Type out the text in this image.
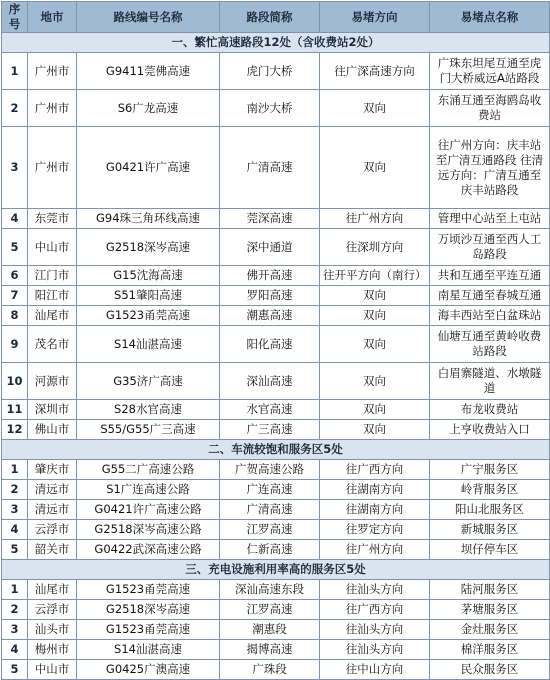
序号	地市	路线编号名称	路段简称	易堵方向	易堵点名称
一、繁忙高速路段12处（含收费站2处）					
1	广州市	G9411莞佛高速	虎门大桥	往广深高速方向	广珠东坦尾互通至虎门大桥威远A站路段
2	广州市	S6广龙高速	南沙大桥	双向	东涌互通至海鸥岛收费站
3	广州市	G0421许广高速	广清高速	双向	往广州方向：庆丰站至广清互通路段 往清远方向：广清互通至庆丰站路段
4	东莞市	G94珠三角环线高速	莞深高速	往广州方向	管理中心站至上屯站
5	中山市	G2518深岑高速	深中通道	往深圳方向	万顷沙互通至西人工岛路段
6	江门市	G15沈海高速	佛开高速	往开平方向（南行）	共和互通至平连互通
7	阳江市	S51肇阳高速	罗阳高速	双向	南星互通至春城互通
8	汕尾市	G1523甬莞高速	潮惠高速	双向	海丰西站至白盆珠站
9	茂名市	S14汕湛高速	阳化高速	双向	仙塘互通至黄岭收费站路段
10	河源市	G35济广高速	深汕高速	双向	白眉寨隧道、水墩隧道
11	深圳市	S28水官高速	水官高速	双向	布龙收费站
12	佛山市	S55/G55广三高速	广三高速	双向	上亨收费站入口
二、车流较饱和服务区5处					
1	肇庆市	G55二广高速公路	广贺高速公路	往广西方向	广宁服务区
2	清远市	S1广连高速公路	广连高速	往湖南方向	岭背服务区
3	清远市	G0421许广高速公路	广清高速	往湖南方向	阳山北服务区
4	云浮市	G2518深岑高速公路	江罗高速	往罗定方向	新城服务区
5	韶关市	G0422武深高速公路	仁新高速	往广州方向	坝仔停车区
三、充电设施利用率高的服务区5处					
1	汕尾市	G1523甬莞高速	深汕高速东段	往汕头方向	陆河服务区
2	云浮市	G2518深岑高速	江罗高速	往广西方向	茅塘服务区
3	汕头市	G1523甬莞高速	潮惠段	往汕头方向	金灶服务区
4	梅州市	S14汕湛高速	揭博高速	往汕头方向	棉洋服务区
5	中山市	G0425广澳高速	广珠段	往中山方向	民众服务区
